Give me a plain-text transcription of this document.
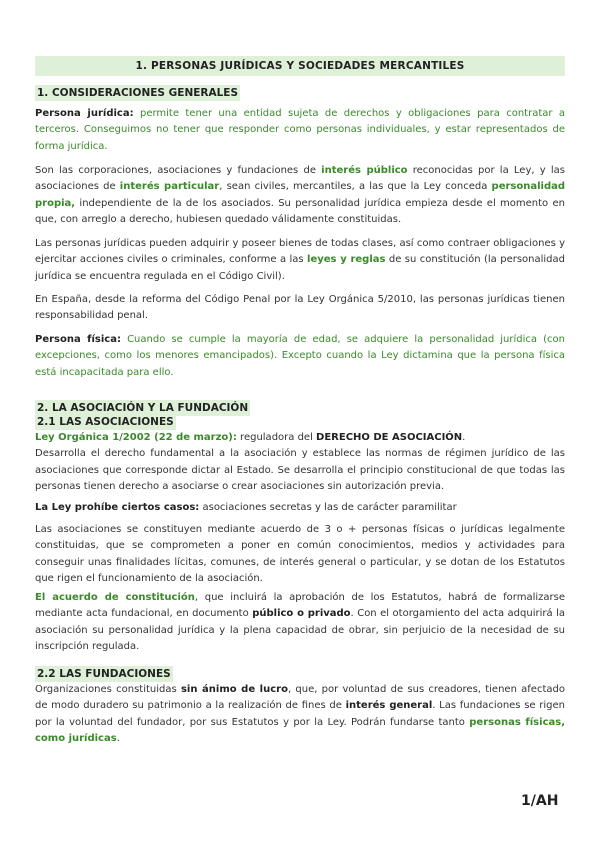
1. PERSONAS JURÍDICAS Y SOCIEDADES MERCANTILES
1. CONSIDERACIONES GENERALES
Persona jurídica: permite tener una entidad sujeta de derechos y obligaciones para contratar a terceros. Conseguimos no tener que responder como personas individuales, y estar representados de forma jurídica.
Son las corporaciones, asociaciones y fundaciones de interés público reconocidas por la Ley, y las asociaciones de interés particular, sean civiles, mercantiles, a las que la Ley conceda personalidad propia, independiente de la de los asociados. Su personalidad jurídica empieza desde el momento en que, con arreglo a derecho, hubiesen quedado válidamente constituidas.
Las personas jurídicas pueden adquirir y poseer bienes de todas clases, así como contraer obligaciones y ejercitar acciones civiles o criminales, conforme a las leyes y reglas de su constitución (la personalidad jurídica se encuentra regulada en el Código Civil).
En España, desde la reforma del Código Penal por la Ley Orgánica 5/2010, las personas jurídicas tienen responsabilidad penal.
Persona física: Cuando se cumple la mayoría de edad, se adquiere la personalidad jurídica (con excepciones, como los menores emancipados). Excepto cuando la Ley dictamina que la persona física está incapacitada para ello.
2. LA ASOCIACIÓN Y LA FUNDACIÓN
2.1 LAS ASOCIACIONES
Ley Orgánica 1/2002 (22 de marzo): reguladora del DERECHO DE ASOCIACIÓN.
Desarrolla el derecho fundamental a la asociación y establece las normas de régimen jurídico de las asociaciones que corresponde dictar al Estado. Se desarrolla el principio constitucional de que todas las personas tienen derecho a asociarse o crear asociaciones sin autorización previa.
La Ley prohíbe ciertos casos: asociaciones secretas y las de carácter paramilitar
Las asociaciones se constituyen mediante acuerdo de 3 o + personas físicas o jurídicas legalmente constituidas, que se comprometen a poner en común conocimientos, medios y actividades para conseguir unas finalidades lícitas, comunes, de interés general o particular, y se dotan de los Estatutos que rigen el funcionamiento de la asociación.
El acuerdo de constitución, que incluirá la aprobación de los Estatutos, habrá de formalizarse mediante acta fundacional, en documento público o privado. Con el otorgamiento del acta adquirirá la asociación su personalidad jurídica y la plena capacidad de obrar, sin perjuicio de la necesidad de su inscripción regulada.
2.2 LAS FUNDACIONES
Organizaciones constituidas sin ánimo de lucro, que, por voluntad de sus creadores, tienen afectado de modo duradero su patrimonio a la realización de fines de interés general. Las fundaciones se rigen por la voluntad del fundador, por sus Estatutos y por la Ley. Podrán fundarse tanto personas físicas, como jurídicas.
1/AH
